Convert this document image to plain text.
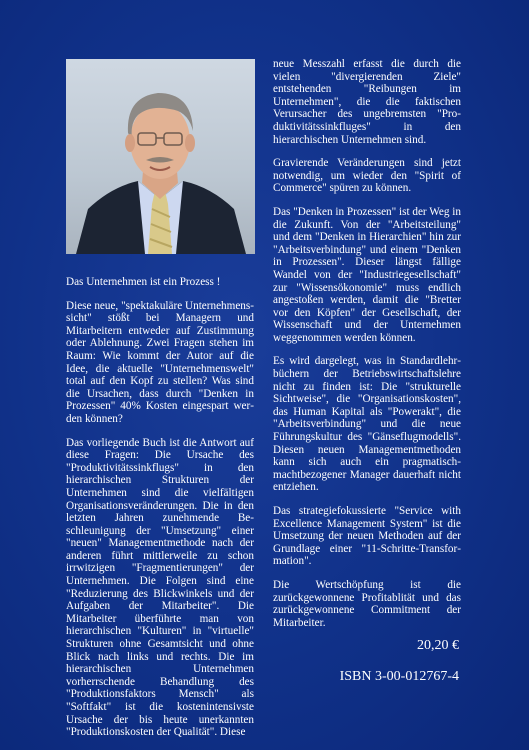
Das Unternehmen ist ein Prozess !

Diese neue, "spektakuläre Unternehmenssicht" stößt bei Managern und Mitarbeitern entweder auf Zustimmung oder Ablehnung. Zwei Fragen stehen im Raum: Wie kommt der Autor auf die Idee, die aktuelle "Unternehmenswelt" total auf den Kopf zu stellen? Was sind die Ursachen, dass durch "Denken in Prozessen" 40% Kosten eingespart werden können?

Das vorliegende Buch ist die Antwort auf diese Fragen: Die Ursache des "Produktivitätssinkflugs" in den hierarchischen Strukturen der Unternehmen sind die vielfältigen Organisationsveränderungen. Die in den letzten Jahren zunehmende Beschleunigung der "Umsetzung" einer "neuen" Managementmethode nach der anderen führt mittlerweile zu schon irrwitzigen "Fragmentierungen" der Unternehmen. Die Folgen sind eine "Reduzierung des Blickwinkels und der Aufgaben der Mitarbeiter". Die Mitarbeiter überführte man von hierarchischen "Kulturen" in "virtuelle" Strukturen ohne Gesamtsicht und ohne Blick nach links und rechts. Die im hierarchischen Unternehmen vorherrschende Behandlung des "Produktionsfaktors Mensch" als "Softfakt" ist die kostenintensivste Ursache der bis heute unerkannten "Produktionskosten der Qualität". Diese

neue Messzahl erfasst die durch die vielen "divergierenden Ziele" entstehenden "Reibungen im Unternehmen", die die faktischen Verursacher des ungebremsten "Produktivitätssinkfluges" in den hierarchischen Unternehmen sind.

Gravierende Veränderungen sind jetzt notwendig, um wieder den "Spirit of Commerce" spüren zu können.

Das "Denken in Prozessen" ist der Weg in die Zukunft. Von der "Arbeitsteilung" und dem "Denken in Hierarchien" hin zur "Arbeitsverbindung" und einem "Denken in Prozessen". Dieser längst fällige Wandel von der "Industriegesellschaft" zur "Wissensökonomie" muss endlich angestoßen werden, damit die "Bretter vor den Köpfen" der Gesellschaft, der Wissenschaft und der Unternehmen weggenommen werden können.

Es wird dargelegt, was in Standardlehrbüchern der Betriebswirtschaftslehre nicht zu finden ist: Die "strukturelle Sichtweise", die "Organisationskosten", das Human Kapital als "Powerakt", die "Arbeitsverbindung" und die neue Führungskultur des "Gänseflugmodells". Diesen neuen Managementmethoden kann sich auch ein pragmatisch-machtbezogener Manager dauerhaft nicht entziehen.

Das strategiefokussierte "Service with Excellence Management System" ist die Umsetzung der neuen Methoden auf der Grundlage einer "11-Schritte-Transformation".

Die Wertschöpfung ist die zurückgewonnene Profitablität und das zurückgewonnene Commitment der Mitarbeiter.

20,20 €
ISBN 3-00-012767-4
